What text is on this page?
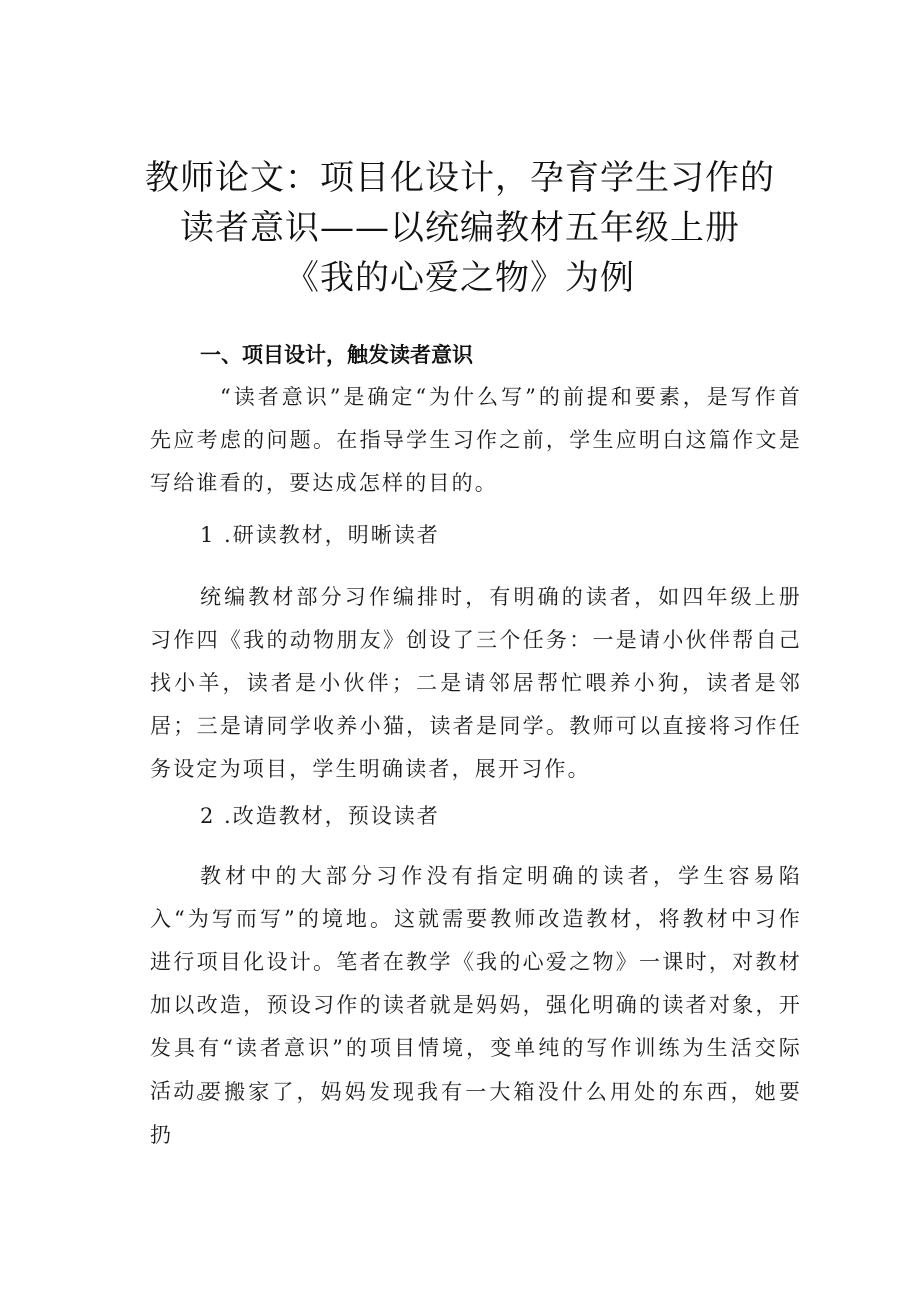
教师论文：项目化设计，孕育学生习作的
读者意识——以统编教材五年级上册
《我的心爱之物》为例
一、项目设计，触发读者意识

“读者意识”是确定“为什么写”的前提和要素，是写作首先应考虑的问题。在指导学生习作之前，学生应明白这篇作文是写给谁看的，要达成怎样的目的。

1 .研读教材，明晰读者

统编教材部分习作编排时，有明确的读者，如四年级上册习作四《我的动物朋友》创设了三个任务：一是请小伙伴帮自己找小羊，读者是小伙伴；二是请邻居帮忙喂养小狗，读者是邻居；三是请同学收养小猫，读者是同学。教师可以直接将习作任务设定为项目，学生明确读者，展开习作。

2 .改造教材，预设读者

教材中的大部分习作没有指定明确的读者，学生容易陷入“为写而写”的境地。这就需要教师改造教材，将教材中习作进行项目化设计。笔者在教学《我的心爱之物》一课时，对教材加以改造，预设习作的读者就是妈妈，强化明确的读者对象，开发具有“读者意识”的项目情境，变单纯的写作训练为生活交际活动。

要搬家了，妈妈发现我有一大箱没什么用处的东西，她要扔
